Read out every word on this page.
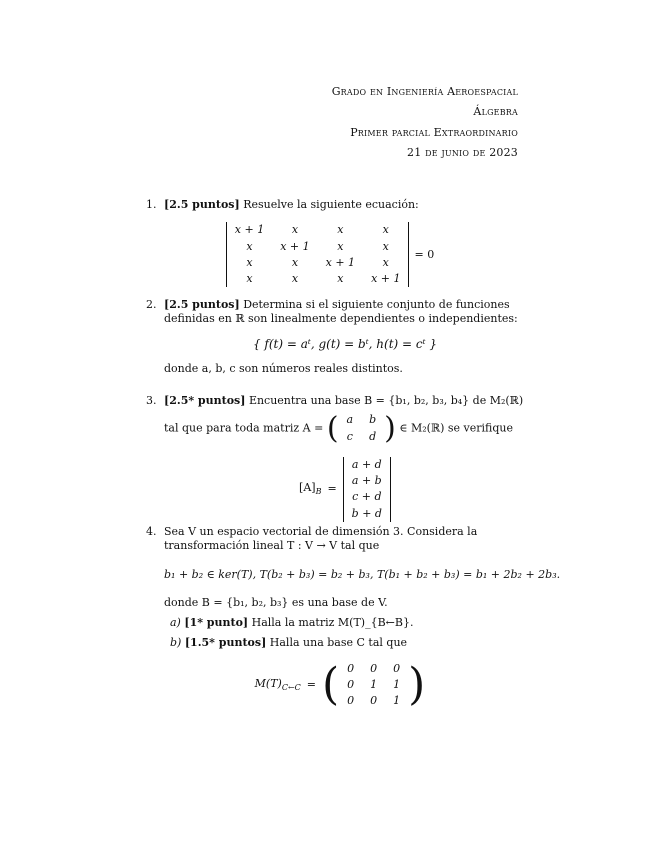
Grado en Ingeniería Aeroespacial
Álgebra
Primer parcial Extraordinario
21 de junio de 2023
1. [2.5 puntos] Resuelve la siguiente ecuación:
x + 1	x	x	x
x	x + 1	x	x
x	x	x + 1	x
x	x	x	x + 1
= 0
2. [2.5 puntos] Determina si el siguiente conjunto de funciones definidas en ℝ son linealmente dependientes o independientes:
{ f(t) = aᵗ, g(t) = bᵗ, h(t) = cᵗ }
donde a, b, c son números reales distintos.
3. [2.5* puntos] Encuentra una base B = {b₁, b₂, b₃, b₄} de M₂(ℝ)
tal que para toda matriz A = ( a	b
c	d ) ∈ M₂(ℝ) se verifique
$[A]_B$ =
a + d
a + b
c + d
b + d
4. Sea V un espacio vectorial de dimensión 3. Considera la transformación lineal T : V → V tal que
b₁ + b₂ ∈ ker(T), T(b₂ + b₃) = b₂ + b₃, T(b₁ + b₂ + b₃) = b₁ + 2b₂ + 2b₃.
donde B = {b₁, b₂, b₃} es una base de V.
a) [1* punto] Halla la matriz M(T)_{B←B}.
b) [1.5* puntos] Halla una base C tal que
$M(T)_{C\leftarrow C}$ = ( 0	0	0
0	1	1
0	0	1 )
